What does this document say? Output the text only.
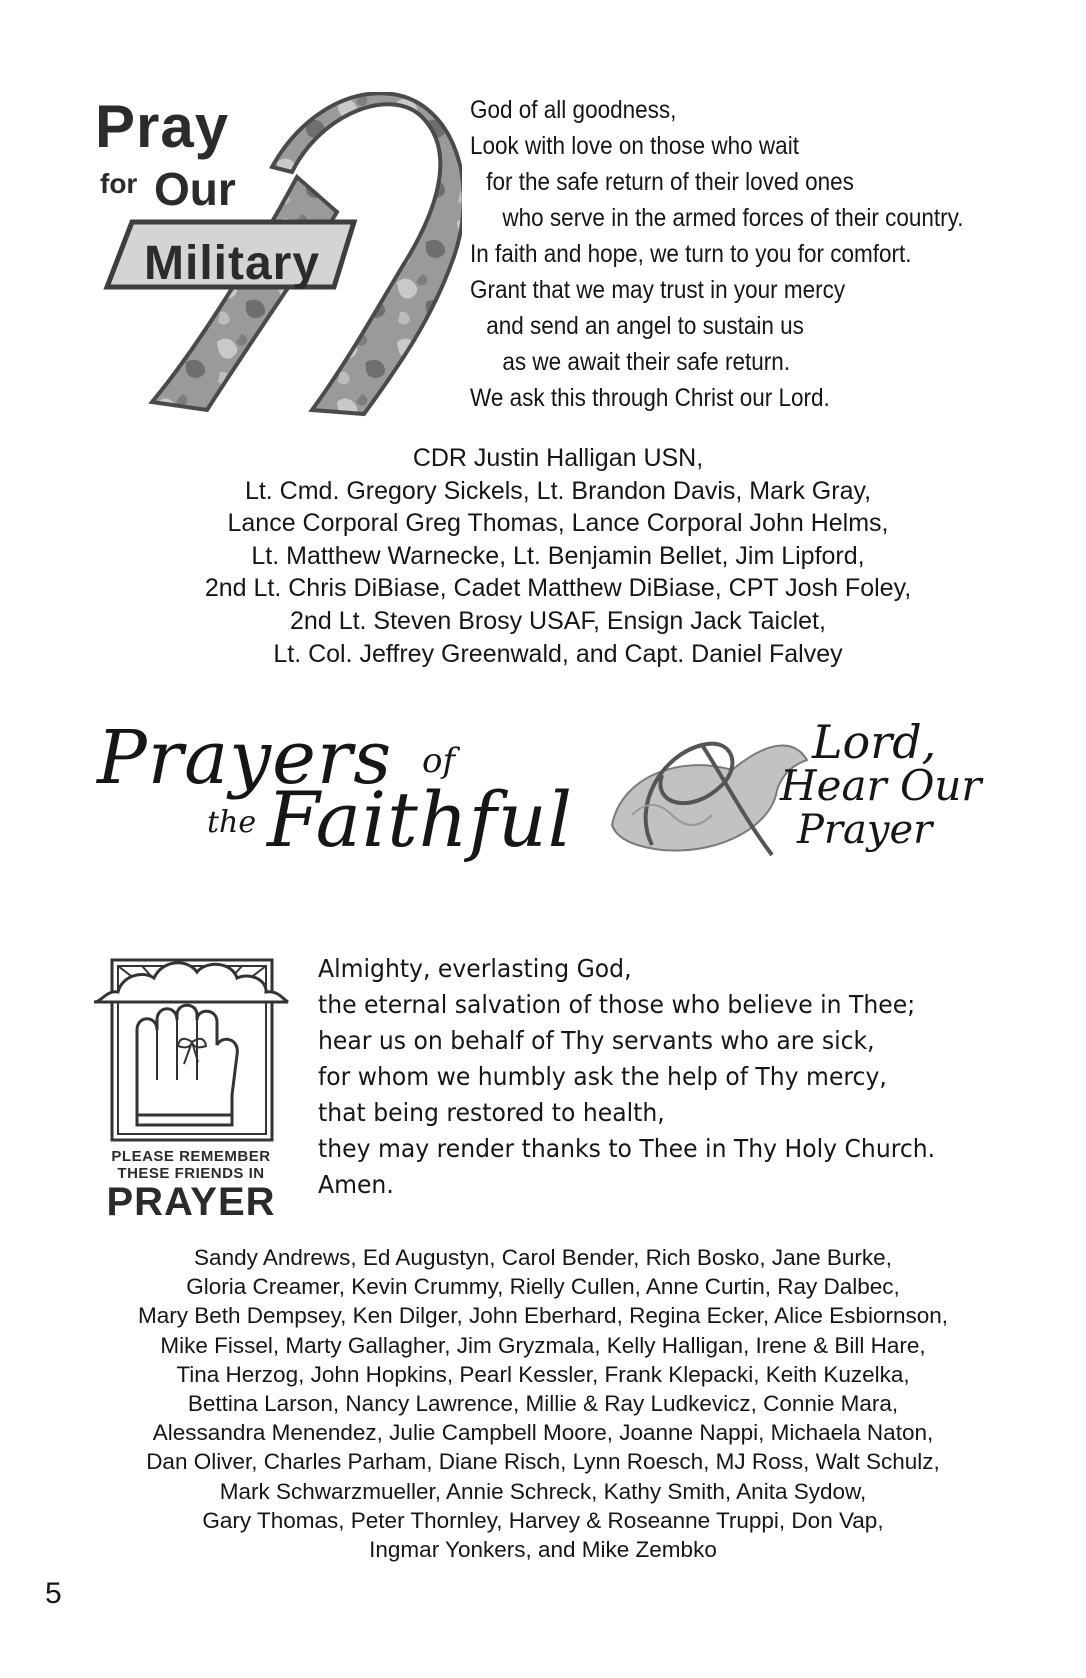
Pray
for Our
Military
God of all goodness,
Look with love on those who wait
for the safe return of their loved ones
who serve in the armed forces of their country.
In faith and hope, we turn to you for comfort.
Grant that we may trust in your mercy
and send an angel to sustain us
as we await their safe return.
We ask this through Christ our Lord.
CDR Justin Halligan USN,
Lt. Cmd. Gregory Sickels, Lt. Brandon Davis, Mark Gray,
Lance Corporal Greg Thomas, Lance Corporal John Helms,
Lt. Matthew Warnecke, Lt. Benjamin Bellet, Jim Lipford,
2nd Lt. Chris DiBiase, Cadet Matthew DiBiase, CPT Josh Foley,
2nd Lt. Steven Brosy USAF, Ensign Jack Taiclet,
Lt. Col. Jeffrey Greenwald, and Capt. Daniel Falvey
Prayers of
the Faithful
Lord,
Hear Our
Prayer
PLEASE REMEMBER
THESE FRIENDS IN
PRAYER
Almighty, everlasting God,
the eternal salvation of those who believe in Thee;
hear us on behalf of Thy servants who are sick,
for whom we humbly ask the help of Thy mercy,
that being restored to health,
they may render thanks to Thee in Thy Holy Church.
Amen.
Sandy Andrews, Ed Augustyn, Carol Bender, Rich Bosko, Jane Burke,
Gloria Creamer, Kevin Crummy, Rielly Cullen, Anne Curtin, Ray Dalbec,
Mary Beth Dempsey, Ken Dilger, John Eberhard, Regina Ecker, Alice Esbiornson,
Mike Fissel, Marty Gallagher, Jim Gryzmala, Kelly Halligan, Irene & Bill Hare,
Tina Herzog, John Hopkins, Pearl Kessler, Frank Klepacki, Keith Kuzelka,
Bettina Larson, Nancy Lawrence, Millie & Ray Ludkevicz, Connie Mara,
Alessandra Menendez, Julie Campbell Moore, Joanne Nappi, Michaela Naton,
Dan Oliver, Charles Parham, Diane Risch, Lynn Roesch, MJ Ross, Walt Schulz,
Mark Schwarzmueller, Annie Schreck, Kathy Smith, Anita Sydow,
Gary Thomas, Peter Thornley, Harvey & Roseanne Truppi, Don Vap,
Ingmar Yonkers, and Mike Zembko
5
